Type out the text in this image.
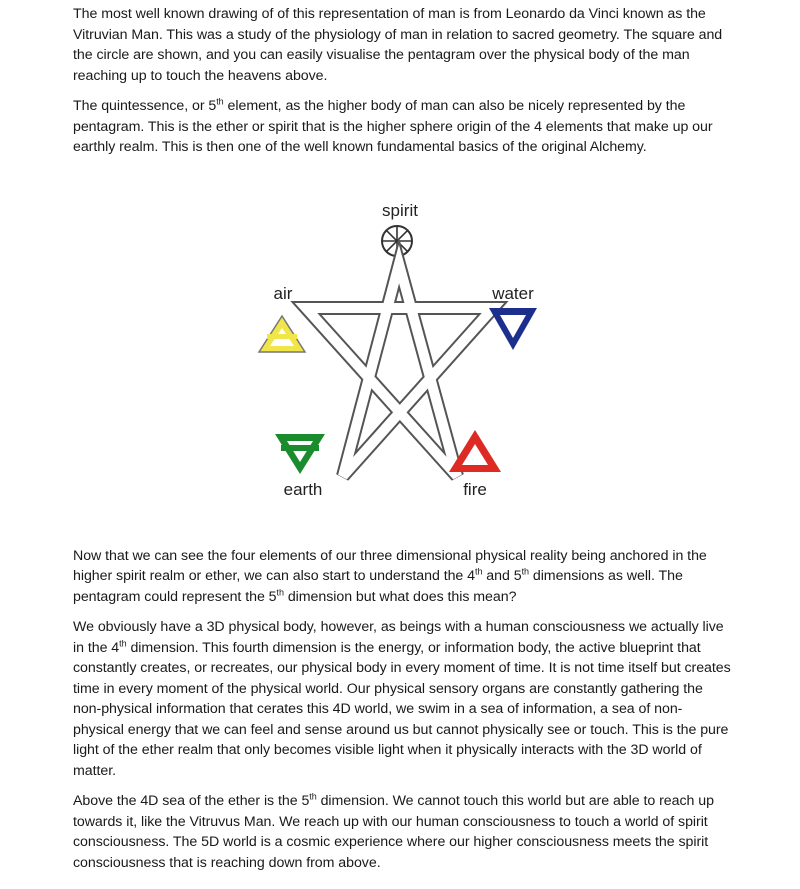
The most well known drawing of of this representation of man is from Leonardo da Vinci known as the Vitruvian Man. This was a study of the physiology of man in relation to sacred geometry. The square and the circle are shown, and you can easily visualise the pentagram over the physical body of the man reaching up to touch the heavens above.

The quintessence, or 5th element, as the higher body of man can also be nicely represented by the pentagram. This is the ether or spirit that is the higher sphere origin of the 4 elements that make up our earthly realm. This is then one of the well known fundamental basics of the original Alchemy.

spirit
air	water
earth	fire

Now that we can see the four elements of our three dimensional physical reality being anchored in the higher spirit realm or ether, we can also start to understand the 4th and 5th dimensions as well. The pentagram could represent the 5th dimension but what does this mean?

We obviously have a 3D physical body, however, as beings with a human consciousness we actually live in the 4th dimension. This fourth dimension is the energy, or information body, the active blueprint that constantly creates, or recreates, our physical body in every moment of time. It is not time itself but creates time in every moment of the physical world. Our physical sensory organs are constantly gathering the non-physical information that cerates this 4D world, we swim in a sea of information, a sea of non-physical energy that we can feel and sense around us but cannot physically see or touch. This is the pure light of the ether realm that only becomes visible light when it physically interacts with the 3D world of matter.

Above the 4D sea of the ether is the 5th dimension. We cannot touch this world but are able to reach up towards it, like the Vitruvus Man. We reach up with our human consciousness to touch a world of spirit consciousness. The 5D world is a cosmic experience where our higher consciousness meets the spirit consciousness that is reaching down from above.
